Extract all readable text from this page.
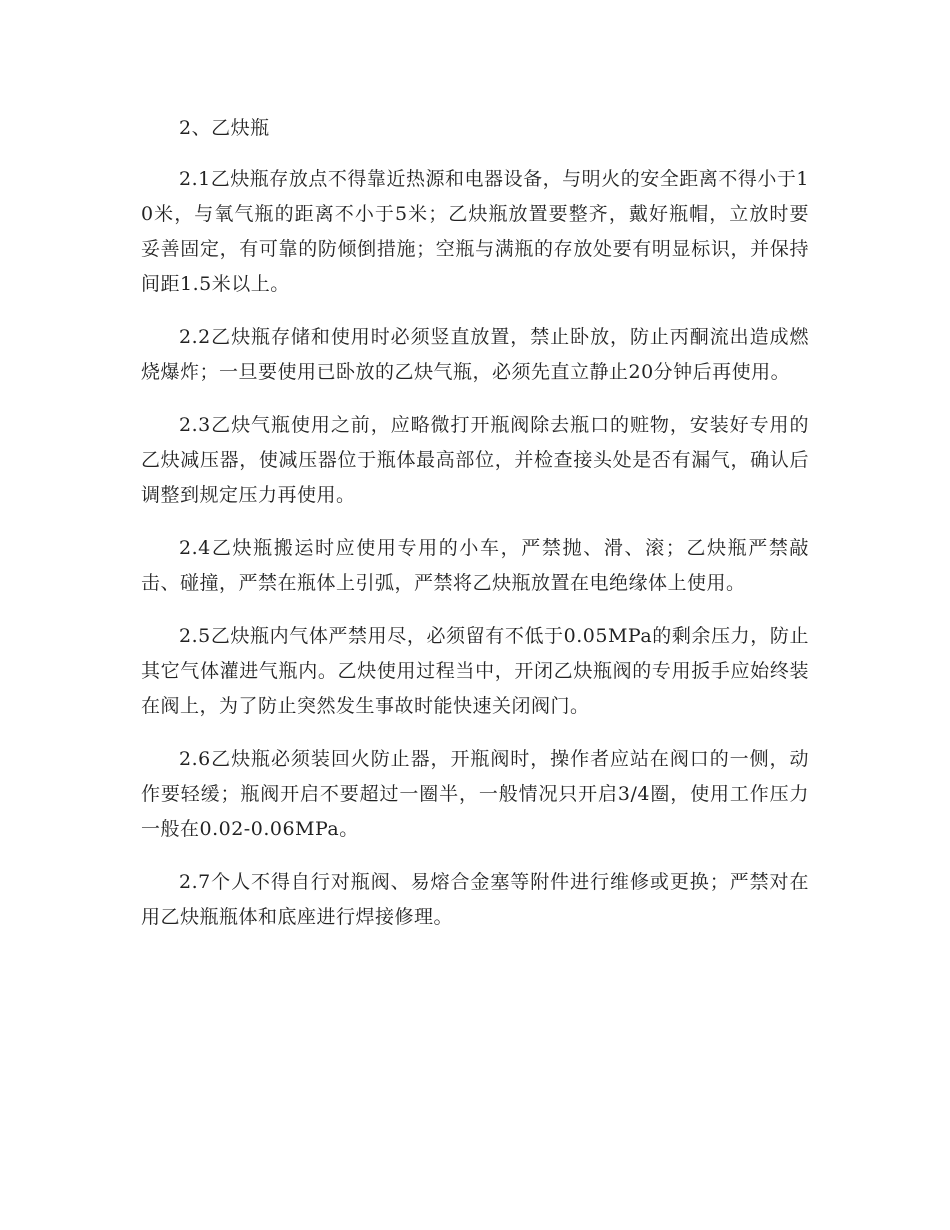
2、乙炔瓶

2.1乙炔瓶存放点不得靠近热源和电器设备，与明火的安全距离不得小于10米，与氧气瓶的距离不小于5米；乙炔瓶放置要整齐，戴好瓶帽，立放时要妥善固定，有可靠的防倾倒措施；空瓶与满瓶的存放处要有明显标识，并保持间距1.5米以上。

2.2乙炔瓶存储和使用时必须竖直放置，禁止卧放，防止丙酮流出造成燃烧爆炸；一旦要使用已卧放的乙炔气瓶，必须先直立静止20分钟后再使用。

2.3乙炔气瓶使用之前，应略微打开瓶阀除去瓶口的赃物，安装好专用的乙炔减压器，使减压器位于瓶体最高部位，并检查接头处是否有漏气，确认后调整到规定压力再使用。

2.4乙炔瓶搬运时应使用专用的小车，严禁抛、滑、滚；乙炔瓶严禁敲击、碰撞，严禁在瓶体上引弧，严禁将乙炔瓶放置在电绝缘体上使用。

2.5乙炔瓶内气体严禁用尽，必须留有不低于0.05MPa的剩余压力，防止其它气体灌进气瓶内。乙炔使用过程当中，开闭乙炔瓶阀的专用扳手应始终装在阀上，为了防止突然发生事故时能快速关闭阀门。

2.6乙炔瓶必须装回火防止器，开瓶阀时，操作者应站在阀口的一侧，动作要轻缓；瓶阀开启不要超过一圈半，一般情况只开启3/4圈，使用工作压力一般在0.02-0.06MPa。

2.7个人不得自行对瓶阀、易熔合金塞等附件进行维修或更换；严禁对在用乙炔瓶瓶体和底座进行焊接修理。
